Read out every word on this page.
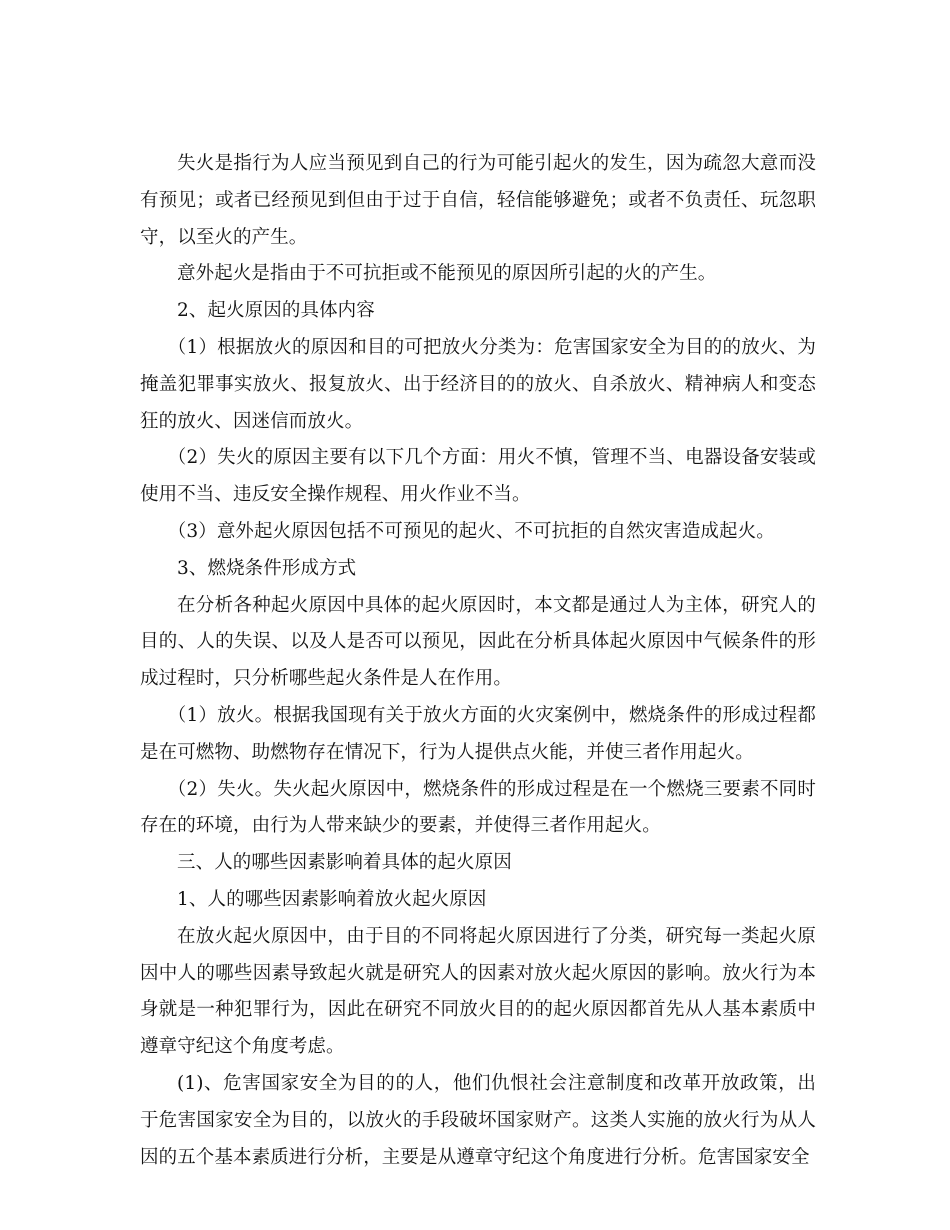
失火是指行为人应当预见到自己的行为可能引起火的发生，因为疏忽大意而没有预见；或者已经预见到但由于过于自信，轻信能够避免；或者不负责任、玩忽职守，以至火的产生。

意外起火是指由于不可抗拒或不能预见的原因所引起的火的产生。

2、起火原因的具体内容

（1）根据放火的原因和目的可把放火分类为：危害国家安全为目的的放火、为掩盖犯罪事实放火、报复放火、出于经济目的的放火、自杀放火、精神病人和变态狂的放火、因迷信而放火。

（2）失火的原因主要有以下几个方面：用火不慎，管理不当、电器设备安装或使用不当、违反安全操作规程、用火作业不当。

（3）意外起火原因包括不可预见的起火、不可抗拒的自然灾害造成起火。

3、燃烧条件形成方式

在分析各种起火原因中具体的起火原因时，本文都是通过人为主体，研究人的目的、人的失误、以及人是否可以预见，因此在分析具体起火原因中气候条件的形成过程时，只分析哪些起火条件是人在作用。

（1）放火。根据我国现有关于放火方面的火灾案例中，燃烧条件的形成过程都是在可燃物、助燃物存在情况下，行为人提供点火能，并使三者作用起火。

（2）失火。失火起火原因中，燃烧条件的形成过程是在一个燃烧三要素不同时存在的环境，由行为人带来缺少的要素，并使得三者作用起火。

三、人的哪些因素影响着具体的起火原因

1、人的哪些因素影响着放火起火原因

在放火起火原因中，由于目的不同将起火原因进行了分类，研究每一类起火原因中人的哪些因素导致起火就是研究人的因素对放火起火原因的影响。放火行为本身就是一种犯罪行为，因此在研究不同放火目的的起火原因都首先从人基本素质中遵章守纪这个角度考虑。

(1)、危害国家安全为目的的人，他们仇恨社会注意制度和改革开放政策，出于危害国家安全为目的，以放火的手段破坏国家财产。这类人实施的放火行为从人因的五个基本素质进行分析，主要是从遵章守纪这个角度进行分析。危害国家安全
